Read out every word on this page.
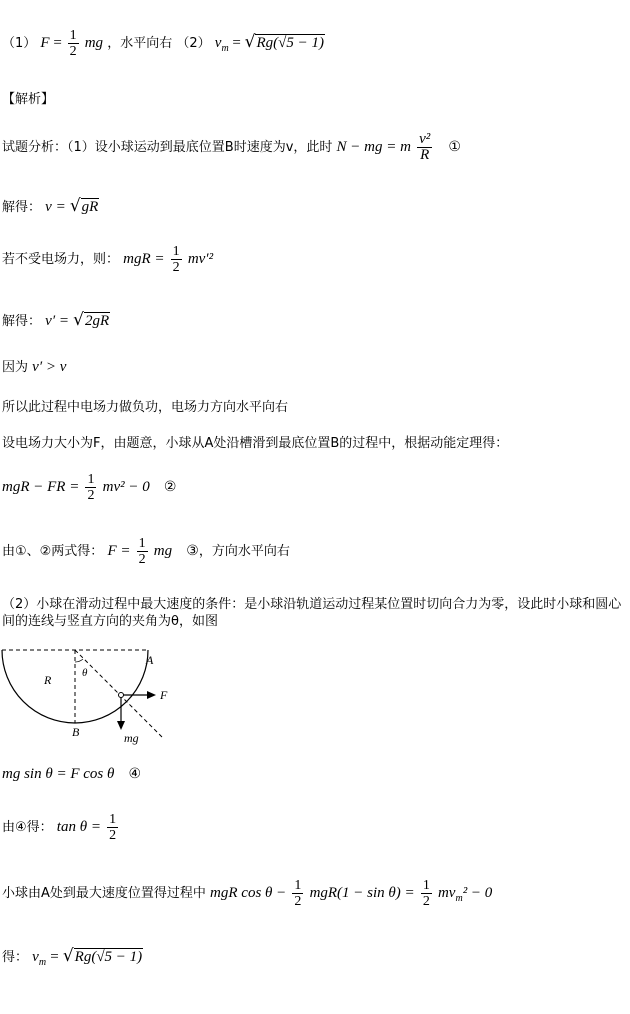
（1） $F = \frac{1}{2}$ mg ，水平向右 （2） $v_m = √Rg(√5 - 1)$
【解析】
试题分析：（1）设小球运动到最底位置B时速度为v，此时 N − mg = m $\frac{\text{v²}}{R}$ ①
解得： v = √gR
若不受电场力，则： mgR = $\frac{1}{2} mv'^2$
解得： v′ = √2gR
因为 v′ > v
所以此过程中电场力做负功，电场力方向水平向右
设电场力大小为F，由题意，小球从A处沿槽滑到最底位置B的过程中，根据动能定理得：
mgR − FR = $\frac{1}{2} mv^2 - 0$ ②
由①、②两式得： $F = \frac{1}{2}$ mg ③，方向水平向右
（2）小球在滑动过程中最大速度的条件：是小球沿轨道运动过程某位置时切向合力为零，设此时小球和圆心间的连线与竖直方向的夹角为θ，如图
A
B
R	θ
F
mg
mg sin θ = F cos θ ④
由④得： $\tan \theta = \frac{1}{2}$
小球由A处到最大速度位置得过程中 mgR $\cos \theta - \frac{1}{2} mgR(1 - \sin \theta) = \frac{1}{2} mv_m^2 - 0$
得： $v_m = √Rg(√5 - 1)$
